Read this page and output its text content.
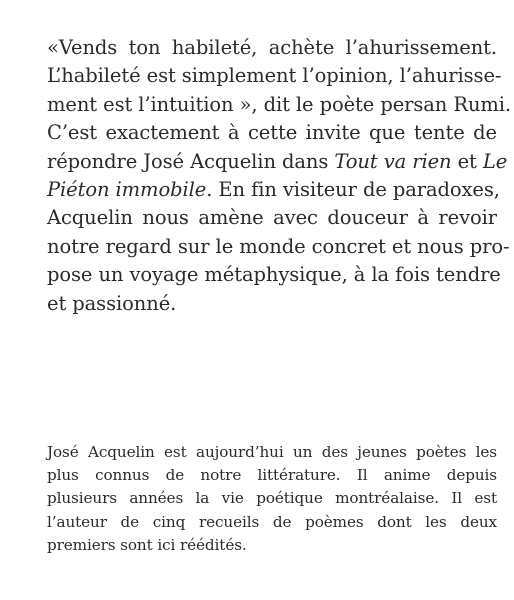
«Vends ton habileté, achète l’ahurissement.
L’habileté est simplement l’opinion, l’ahurisse-
ment est l’intuition », dit le poète persan Rumi.
C’est exactement à cette invite que tente de
répondre José Acquelin dans Tout va rien et Le
Piéton immobile. En fin visiteur de paradoxes,
Acquelin nous amène avec douceur à revoir
notre regard sur le monde concret et nous pro-
pose un voyage métaphysique, à la fois tendre
et passionné.
José Acquelin est aujourd’hui un des jeunes poètes les
plus connus de notre littérature. Il anime depuis
plusieurs années la vie poétique montréalaise. Il est
l’auteur de cinq recueils de poèmes dont les deux
premiers sont ici réédités.
